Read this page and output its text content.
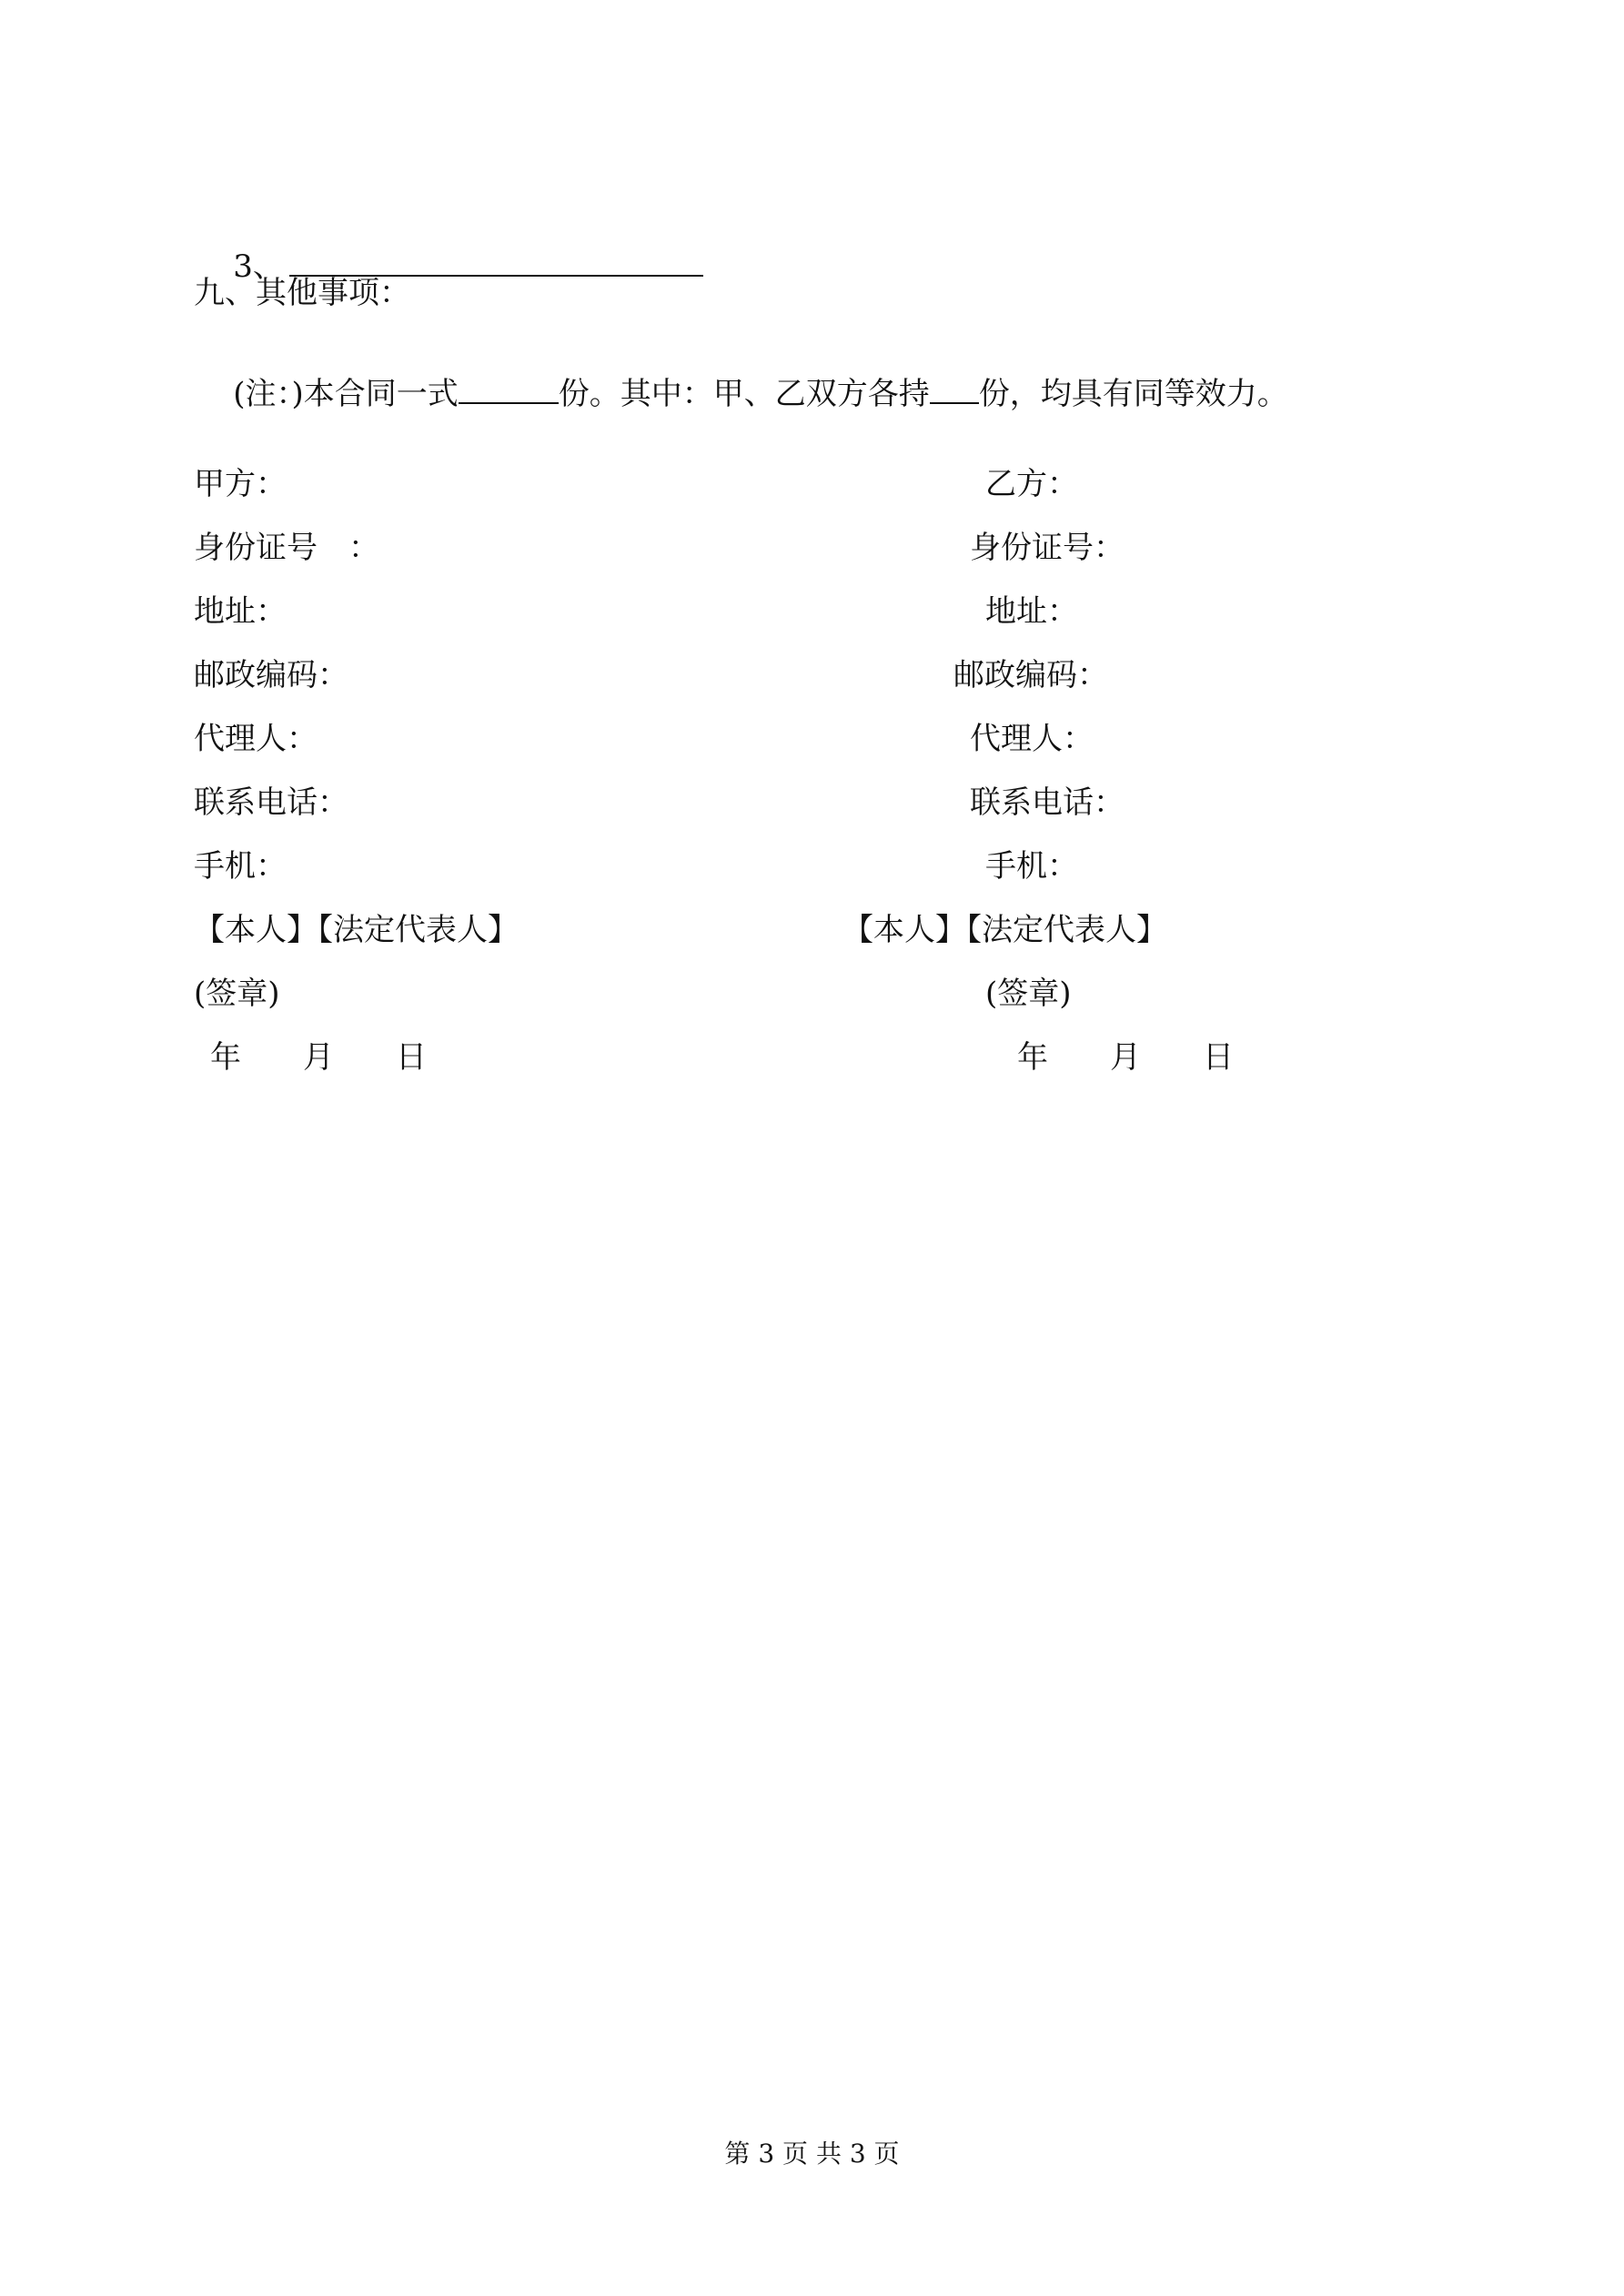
3、

九、其他事项：

(注：)本合同一式	份。其中：甲、乙双方各持 份，均具有同等效力。

甲方：
身份证号　：
地址：
邮政编码：
代理人：
联系电话：
手机：
【本人】【法定代表人】
(签章)
年　　月　　日
乙方：
身份证号：
地址：
邮政编码：
代理人：
联系电话：
手机：
【本人】【法定代表人】
(签章)
年　　月　　日
第 3 页 共 3 页
